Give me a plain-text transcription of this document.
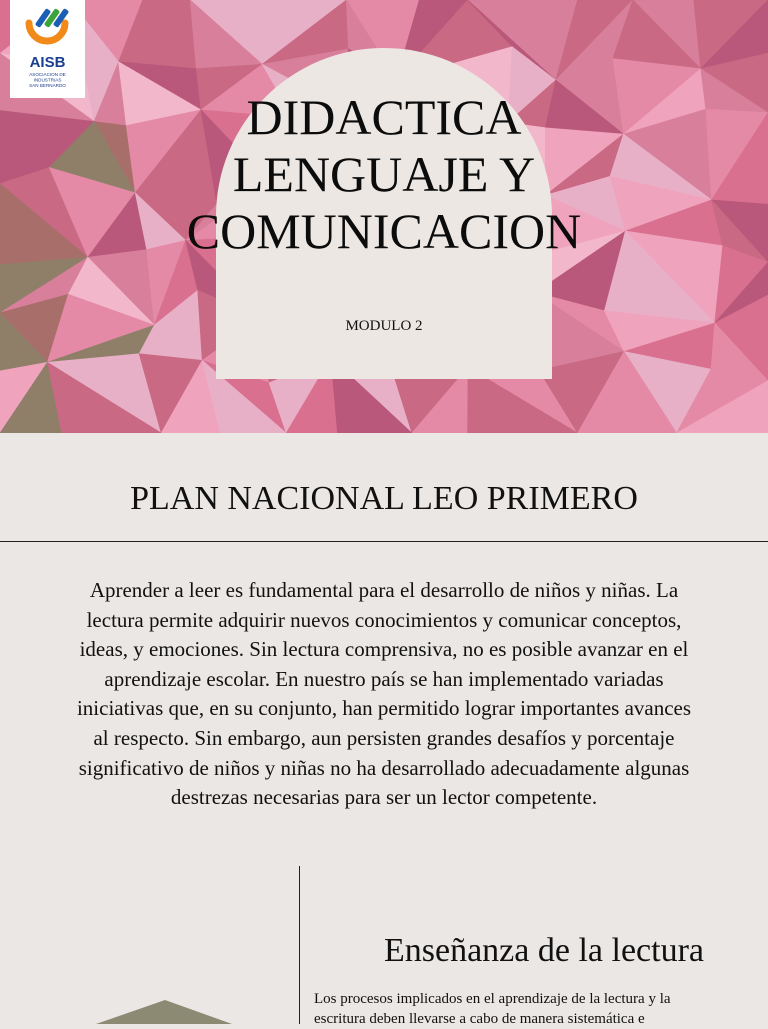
AISB
ASOCIACION DE
INDUSTRIAS
SAN BERNARDO
DIDACTICA
LENGUAJE Y
COMUNICACION
MODULO 2
PLAN NACIONAL LEO PRIMERO

Aprender a leer es fundamental para el desarrollo de niños y niñas. La lectura permite adquirir nuevos conocimientos y comunicar conceptos, ideas, y emociones. Sin lectura comprensiva, no es posible avanzar en el aprendizaje escolar. En nuestro país se han implementado variadas iniciativas que, en su conjunto, han permitido lograr importantes avances al respecto. Sin embargo, aun persisten grandes desafíos y porcentaje significativo de niños y niñas no ha desarrollado adecuadamente algunas destrezas necesarias para ser un lector competente.

Enseñanza de la lectura

Los procesos implicados en el aprendizaje de la lectura y la
escritura deben llevarse a cabo de manera sistemática e
